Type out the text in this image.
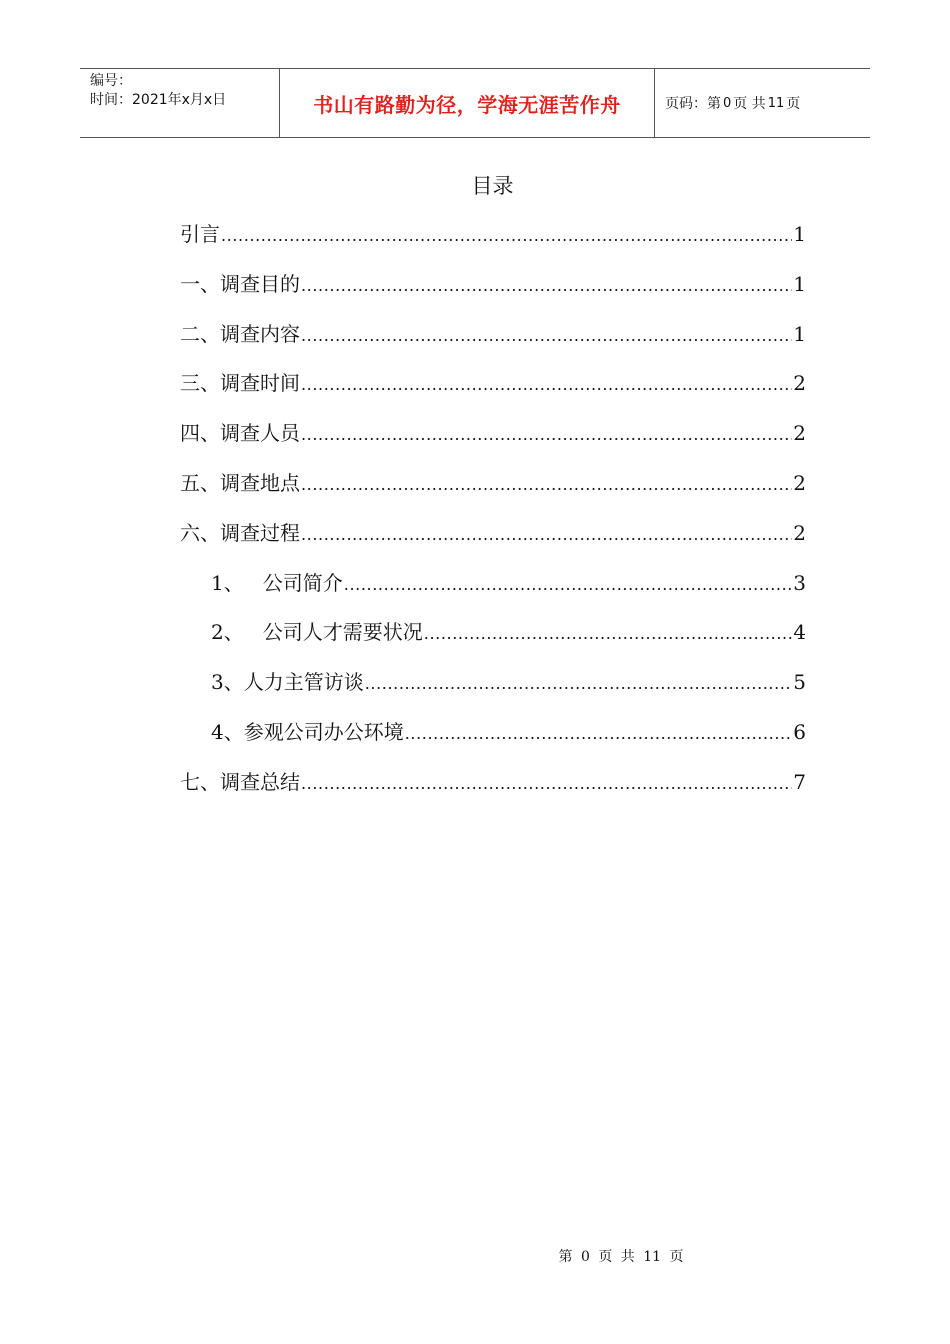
编号：
时间：2021年x月x日	书山有路勤为径，学海无涯苦作舟	页码：第 0 页 共 11 页
目录
引言 .....	1
一、调查目的 .....	1
二、调查内容 .....	1
三、调查时间 .....	2
四、调查人员 .....	2
五、调查地点 .....	2
六、调查过程 .....	2
1、   公司简介 .....	3
2、   公司人才需要状况 .....	4
3、人力主管访谈 .....	5
4、参观公司办公环境 .....	6
七、调查总结 .....	7
第 0 页 共 11 页
